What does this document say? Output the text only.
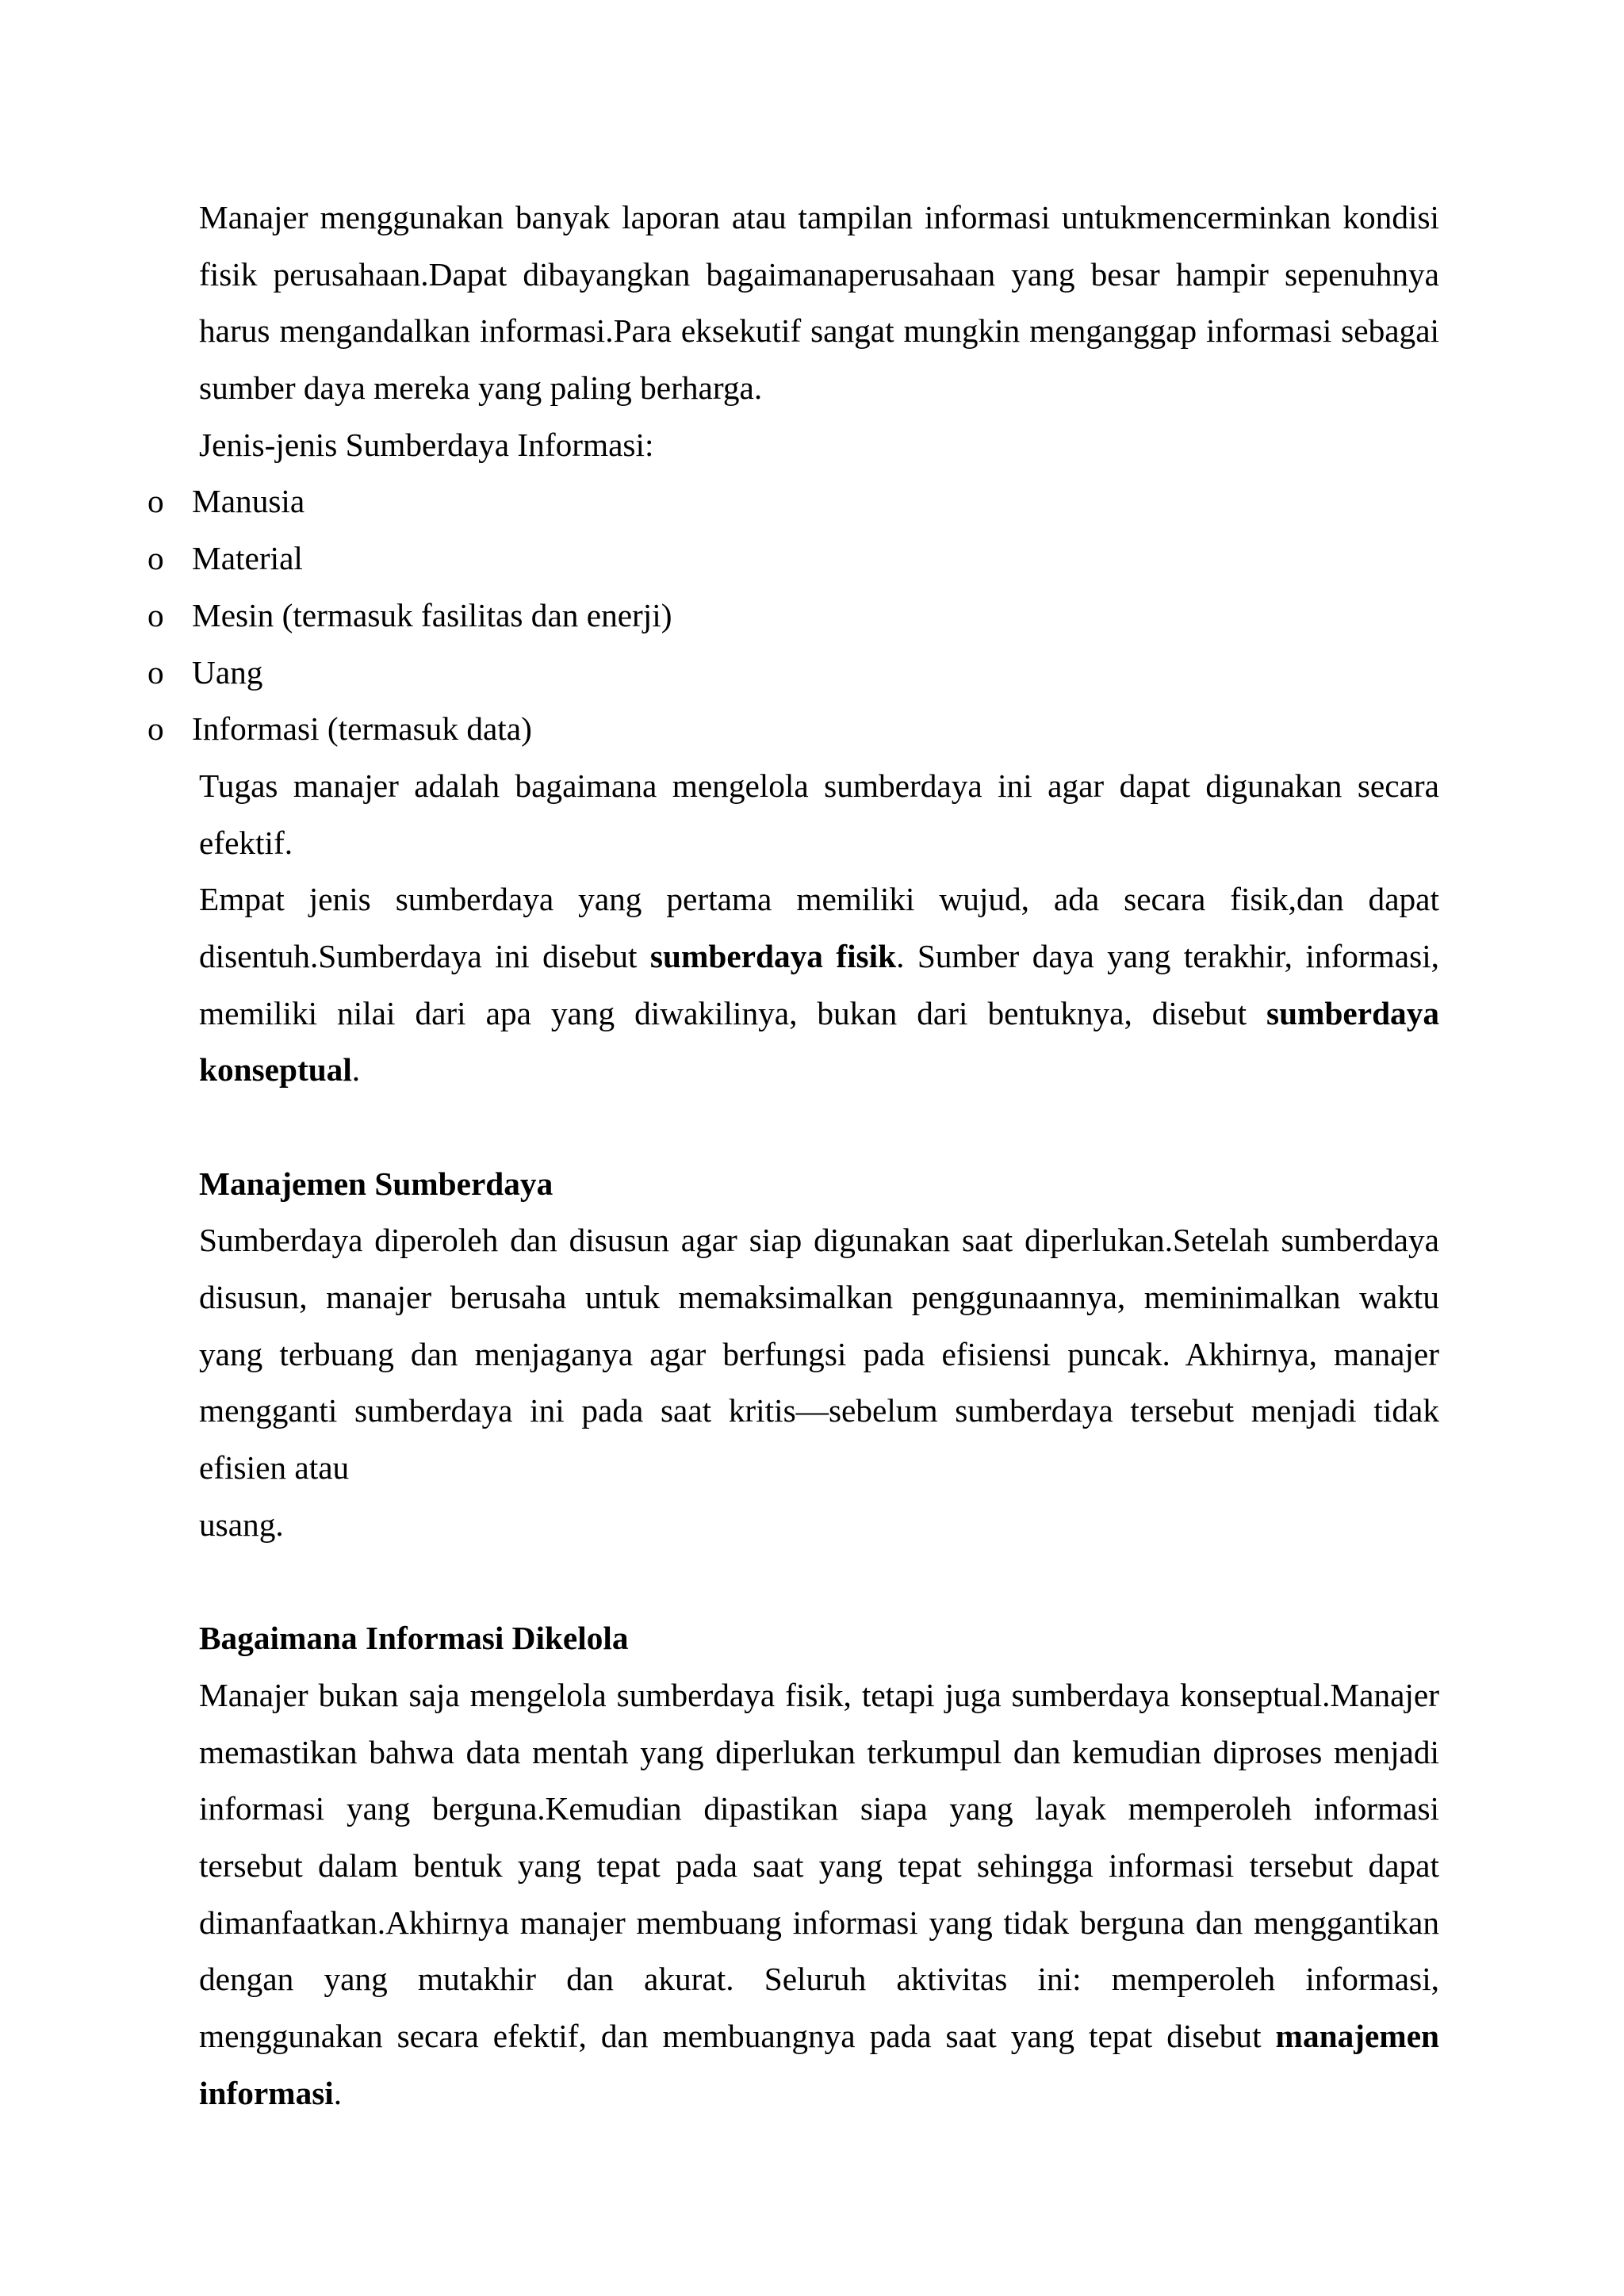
Manajer menggunakan banyak laporan atau tampilan informasi untukmencerminkan kondisi
fisik perusahaan.Dapat dibayangkan bagaimanaperusahaan yang besar hampir sepenuhnya
harus mengandalkan informasi.Para eksekutif sangat mungkin menganggap informasi sebagai
sumber daya mereka yang paling berharga.
Jenis-jenis Sumberdaya Informasi:
o Manusia
o Material
o Mesin (termasuk fasilitas dan enerji)
o Uang
o Informasi (termasuk data)
Tugas manajer adalah bagaimana mengelola sumberdaya ini agar dapat digunakan secara
efektif.
Empat jenis sumberdaya yang pertama memiliki wujud, ada secara fisik,dan dapat
disentuh.Sumberdaya ini disebut sumberdaya fisik. Sumber daya yang terakhir, informasi,
memiliki nilai dari apa yang diwakilinya, bukan dari bentuknya, disebut sumberdaya
konseptual.
Manajemen Sumberdaya
Sumberdaya diperoleh dan disusun agar siap digunakan saat diperlukan.Setelah sumberdaya
disusun, manajer berusaha untuk memaksimalkan penggunaannya, meminimalkan waktu
yang terbuang dan menjaganya agar berfungsi pada efisiensi puncak. Akhirnya, manajer
mengganti sumberdaya ini pada saat kritis—sebelum sumberdaya tersebut menjadi tidak
efisien atau
usang.
Bagaimana Informasi Dikelola
Manajer bukan saja mengelola sumberdaya fisik, tetapi juga sumberdaya konseptual.Manajer
memastikan bahwa data mentah yang diperlukan terkumpul dan kemudian diproses menjadi
informasi yang berguna.Kemudian dipastikan siapa yang layak memperoleh informasi
tersebut dalam bentuk yang tepat pada saat yang tepat sehingga informasi tersebut dapat
dimanfaatkan.Akhirnya manajer membuang informasi yang tidak berguna dan menggantikan
dengan yang mutakhir dan akurat. Seluruh aktivitas ini: memperoleh informasi,
menggunakan secara efektif, dan membuangnya pada saat yang tepat disebut manajemen
informasi.
